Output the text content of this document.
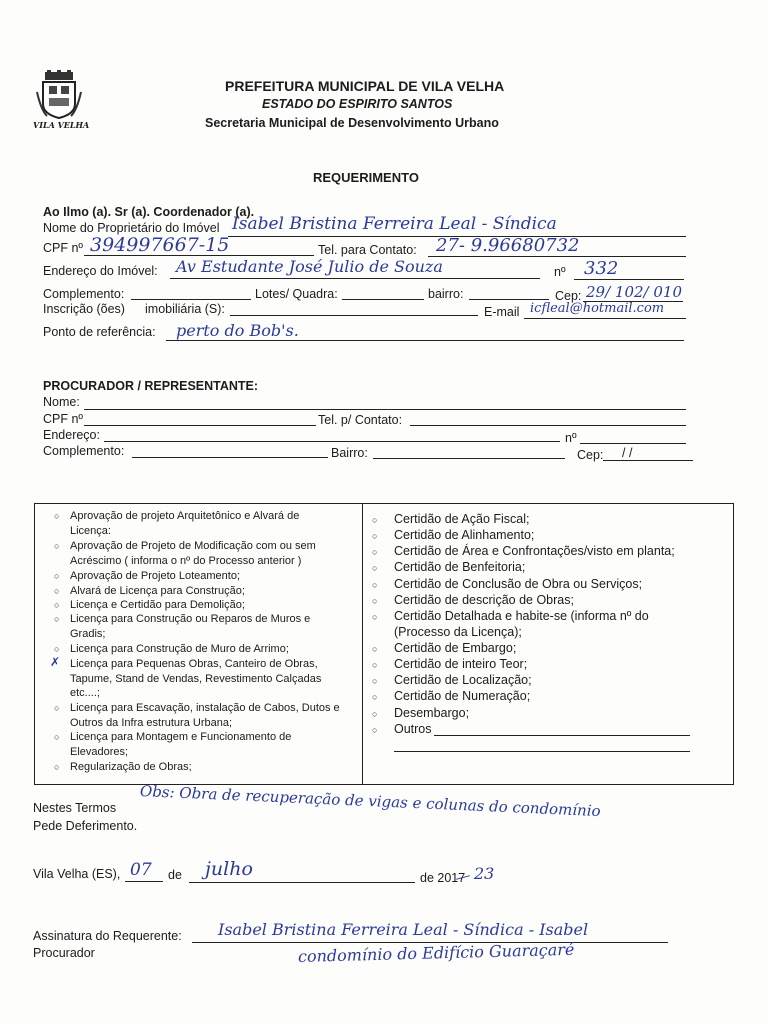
VILA VELHA
PREFEITURA MUNICIPAL DE VILA VELHA
ESTADO DO ESPIRITO SANTOS
Secretaria Municipal de Desenvolvimento Urbano
REQUERIMENTO
Ao Ilmo (a). Sr (a). Coordenador (a).
Nome do Proprietário do Imóvel Isabel Bristina Ferreira Leal - Síndica
CPF nº 394997667-15	Tel. para Contato: 27- 9.96680732
Endereço do Imóvel: Av Estudante José Julio de Souza	nº 332
Complemento:	Lotes/ Quadra:	bairro:	Cep: 29/ 102/ 010
Inscrição (ões) imobiliária (S):	E-mail icfleal@hotmail.com
Ponto de referência: perto do Bob's.
PROCURADOR / REPRESENTANTE:
Nome:
CPF nº	Tel. p/ Contato:
Endereço:	nº
Complemento:	Bairro:	Cep: / /
○ Aprovação de projeto Arquitetônico e Alvará de
Licença:
○ Aprovação de Projeto de Modificação com ou sem
Acréscimo ( informa o nº do Processo anterior )
○ Aprovação de Projeto Loteamento;
○ Alvará de Licença para Construção;
○ Licença e Certidão para Demolição;
○ Licença para Construção ou Reparos de Muros e
Gradis;
○ Licença para Construção de Muro de Arrimo;
✗ Licença para Pequenas Obras, Canteiro de Obras,
Tapume, Stand de Vendas, Revestimento Calçadas
etc....;
○ Licença para Escavação, instalação de Cabos, Dutos e
Outros da Infra estrutura Urbana;
○ Licença para Montagem e Funcionamento de
Elevadores;
○ Regularização de Obras;
○ Certidão de Ação Fiscal;
○ Certidão de Alinhamento;
○ Certidão de Área e Confrontações/visto em planta;
○ Certidão de Benfeitoria;
○ Certidão de Conclusão de Obra ou Serviços;
○ Certidão de descrição de Obras;
○ Certidão Detalhada e habite-se (informa nº do
(Processo da Licença);
○ Certidão de Embargo;
○ Certidão de inteiro Teor;
○ Certidão de Localização;
○ Certidão de Numeração;
○ Desembargo;
○ Outros
Obs: Obra de recuperação de vigas e colunas do condomínio
Nestes Termos
Pede Deferimento.
Vila Velha (ES), 07 de julho	de 2017 23
Assinatura do Requerente: Isabel Bristina Ferreira Leal - Síndica - Isabel
Procurador	condomínio do Edifício Guaraçaré
